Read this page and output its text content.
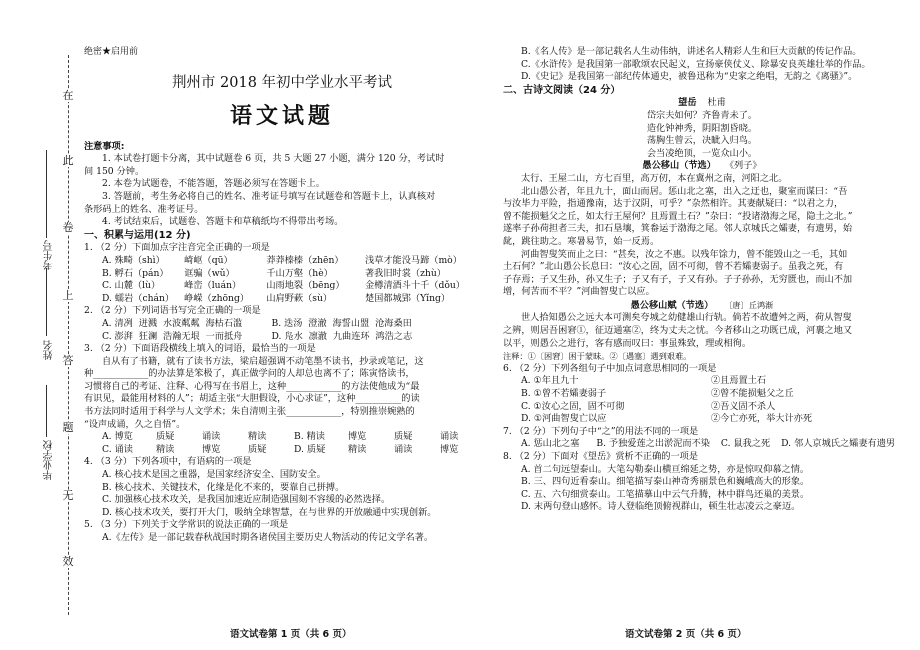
在
此
卷
上
答
题
无
效
考生号
姓名
毕业学校
绝密★启用前
荆州市 2018 年初中学业水平考试
语文试题
注意事项:
1. 本试卷打题卡分离，其中试题卷 6 页，共 5 大题 27 小题，满分 120 分，考试时
间 150 分钟。
2. 本卷为试题卷，不能答题，答题必须写在答题卡上。
3. 答题前，考生务必将自己的姓名、准考证号填写在试题卷和答题卡上，认真核对
条形码上的姓名、准考证号。
4. 考试结束后，试题卷、答题卡和草稿纸均不得带出考场。
一、积累与运用(12 分)
1. （2 分）下面加点字注音完全正确的一项是
A. 殊畸（shì）	崎岖（qū）	莽莽榛榛（zhēn）	浅草才能没马蹄（mò）
B. 孵石（pán）	诓骗（wǔ）	千山万壑（hè）	著我旧时裳（zhù）
C. 山麓（lù）	峰峦（luán）	山雨地裂（bēng）	金樽清酒斗十千（dǒu）
D. 蠕岩（chán）	峥嵘（zhōng）	山肩野蔌（sù）	楚国都城郢（Yǐng）
2. （2 分）下列词语书写完全正确的一项是
A. 清冽  迸溅  水波粼粼  海枯石滥          B. 迭汤  澄澈  海誓山盟  沧海桑田
C. 澎湃  狂澜  浩瀚无垠  一而抵舟          D. 凫水  凛澈  九曲连环  鸿浩之志
3. （2 分）下面语段横线上填入的词语，最恰当的一项是
自从有了书籍，就有了读书方法，梁启超强调不动笔墨不读书，抄录或笔记，这
种____________的办法算是笨极了，真正做学问的人却总也离不了；陈寅恪读书，
习惯将自己的考证、注释、心得写在书眉上，这种____________的方法使他成为“最
有识见，最能用材料的人”；胡适主张“大胆假设，小心求证”，这种__________的读
书方法同时适用于科学与人文学术；朱自清则主张____________，特别推崇婉熟的
“设声成诵，久之自悟”。
A. 博览	质疑	诵读	精读	B. 精读	博览	质疑	诵读
C. 诵读	精读	博览	质疑	D. 质疑	精读	诵读	博览
4. （3 分）下列各项中，有语病的一项是
A. 核心技术是国之重器，是国家经济安全、国防安全。
B. 核心技术、关键技术，化缘是化不来的，要靠自己拼搏。
C. 加强核心技术攻关，是我国加速近应制造强国刻不容缓的必然选择。
D. 核心技术攻关，要打开大门，吸纳全球智慧，在与世界的开放融通中实现创新。
5. （3 分）下列关于文学常识的说法正确的一项是
A.《左传》是一部记载春秋战国时期各诸侯国主要历史人物活动的传记文学名著。
语文试卷第 1 页（共 6 页）
B.《名人传》是一部记载名人生动伟纳，讲述名人精彩人生和巨大贡献的传记作品。
C.《水浒传》是我国第一部歌颂农民起义，宣扬豪侠仗义、除暴安良英雄壮举的作品。
D.《史记》是我国第一部纪传体通史，被鲁迅称为“史家之绝唱，无韵之《离骚》”。
二、古诗文阅读（24 分）
望岳 杜甫
岱宗夫如何？齐鲁青未了。
造化钟神秀，阴阳割昏晓。
荡胸生曾云，决眦入归鸟。
会当凌绝顶，一览众山小。
愚公移山（节选） 《列子》
太行、王屋二山，方七百里，高万仞，本在冀州之南，河阳之北。
北山愚公者，年且九十，面山而居。惩山北之塞，出入之迂也，聚室而谋曰：“吾
与汝毕力平险，指通豫南，达于汉阴，可乎？”杂然相许。其妻献疑曰：“以君之力，
曾不能损魁父之丘，如太行王屋何？且焉置土石？”杂曰：“投诸渤海之尾，隐土之北。”
遂率子孙荷担者三夫，扣石垦壤，箕畚运于渤海之尾。邻人京城氏之孀妻，有遗男，始
龀，跳往助之。寒暑易节，始一反焉。
河曲智叟笑而止之曰：“甚矣，汝之不惠。以残年馀力，曾不能毁山之一毛，其如
土石何？”北山愚公长息曰：“汝心之固，固不可彻，曾不若孀妻弱子。虽我之死，有
子存焉；子又生孙，孙又生子；子又有子，子又有孙。子子孙孙，无穷匮也，而山不加
增，何苦而不平？”河曲智叟亡以应。
愚公移山赋（节选） 〔唐〕丘鸿渐
世人拾知愚公之远大本可测矣夸城之幼健雄山行轨。倘若不故遭舛之两，荷从智叟
之辨，则居吾困窘①，征迈通塞②，终为丈夫之忧。今者移山之功既已成，河裹之地又
以平，则愚公之进行，客有感而叹曰：事虽殊致，理或相徇。
注释：①〔困窘〕困于蒙昧。②〔遇塞〕遇到艰难。
6. （2 分）下列各组句子中加点词意思相同的一项是
A. ①年且九十	②且焉置土石
B. ①曾不若孀妻弱子	②曾不能损魁父之丘
C. ①汝心之固，固不可彻	②吾义固不杀人
D. ①河曲智叟亡以应	②今亡亦死，举大计亦死
7. （2 分）下列句子中“之”的用法不同的一项是
A. 惩山北之塞 B. 予独爱莲之出淤泥而不染 C. 鼠我之死 D. 邻人京城氏之孀妻有遗男
8. （2 分）下面对《望岳》赏析不正确的一项是
A. 首二句远望泰山。大笔勾勒泰山横亘绵延之势，亦是惊叹仰慕之情。
B. 三、四句近看泰山。细笔描写泰山神奇秀丽景色和巍峨高大的形象。
C. 五、六句细赏泰山。工笔描摹山中云气升腾，林中群鸟还巢的美景。
D. 末两句登山感怀。诗人登临绝顶俯视群山，顿生壮志凌云之豪迈。
语文试卷第 2 页（共 6 页）
